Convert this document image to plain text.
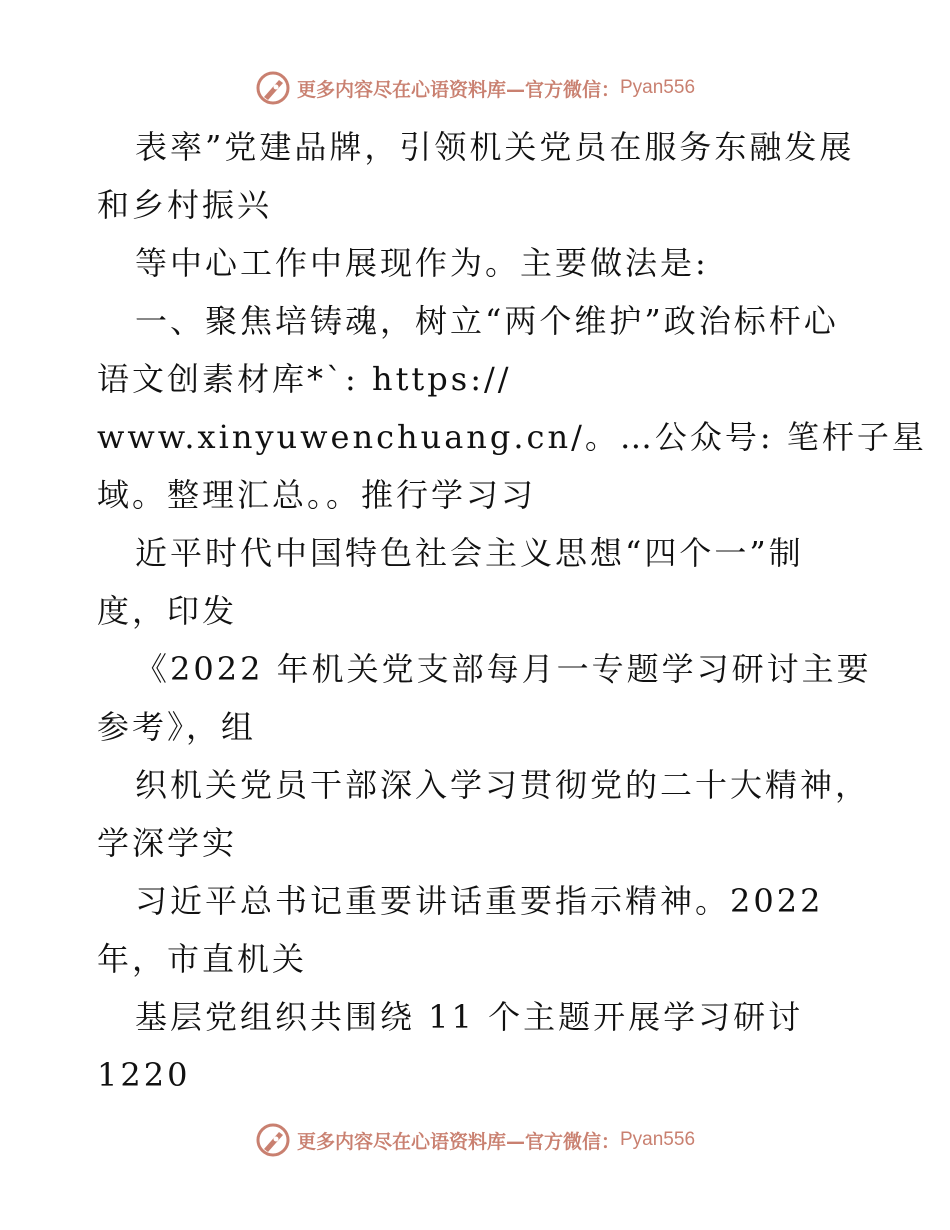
更多内容尽在心语资料库—官方微信： Pyan556
表率”党建品牌，引领机关党员在服务东融发展
和乡村振兴
等中心工作中展现作为。主要做法是:
一、聚焦培铸魂，树立“两个维护”政治标杆心
语文创素材库*`: https://
www.xinyuwenchuang.cn/。…公众号: 笔杆子星
域。整理汇总。。推行学习习
近平时代中国特色社会主义思想“四个一”制
度，印发
《2022 年机关党支部每月一专题学习研讨主要
参考》，组
织机关党员干部深入学习贯彻党的二十大精神，
学深学实
习近平总书记重要讲话重要指示精神。2022
年，市直机关
基层党组织共围绕 11 个主题开展学习研讨
1220
更多内容尽在心语资料库—官方微信： Pyan556
